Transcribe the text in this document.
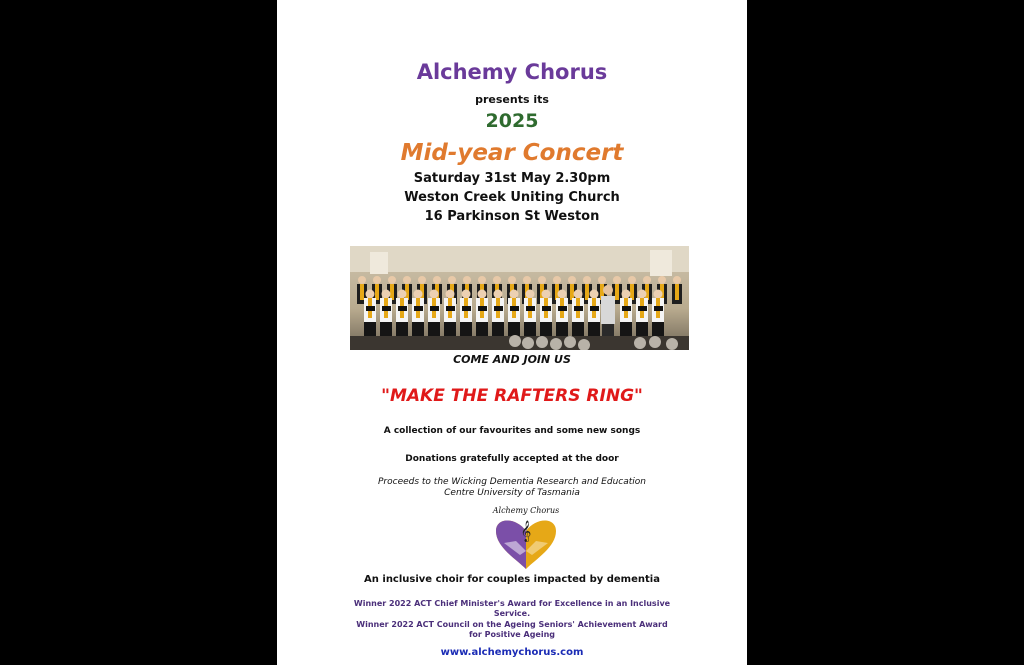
Alchemy Chorus
presents its
2025
Mid-year Concert
Saturday 31st May 2.30pm
Weston Creek Uniting Church
16 Parkinson St Weston
COME AND JOIN US
"MAKE THE RAFTERS RING"
A collection of our favourites and some new songs
Donations gratefully accepted at the door
Proceeds to the Wicking Dementia Research and Education
Centre University of Tasmania
Alchemy Chorus
𝄞
An inclusive choir for couples impacted by dementia
Winner 2022 ACT Chief Minister's Award for Excellence in an Inclusive
Service.
Winner 2022 ACT Council on the Ageing Seniors' Achievement Award
for Positive Ageing
www.alchemychorus.com
